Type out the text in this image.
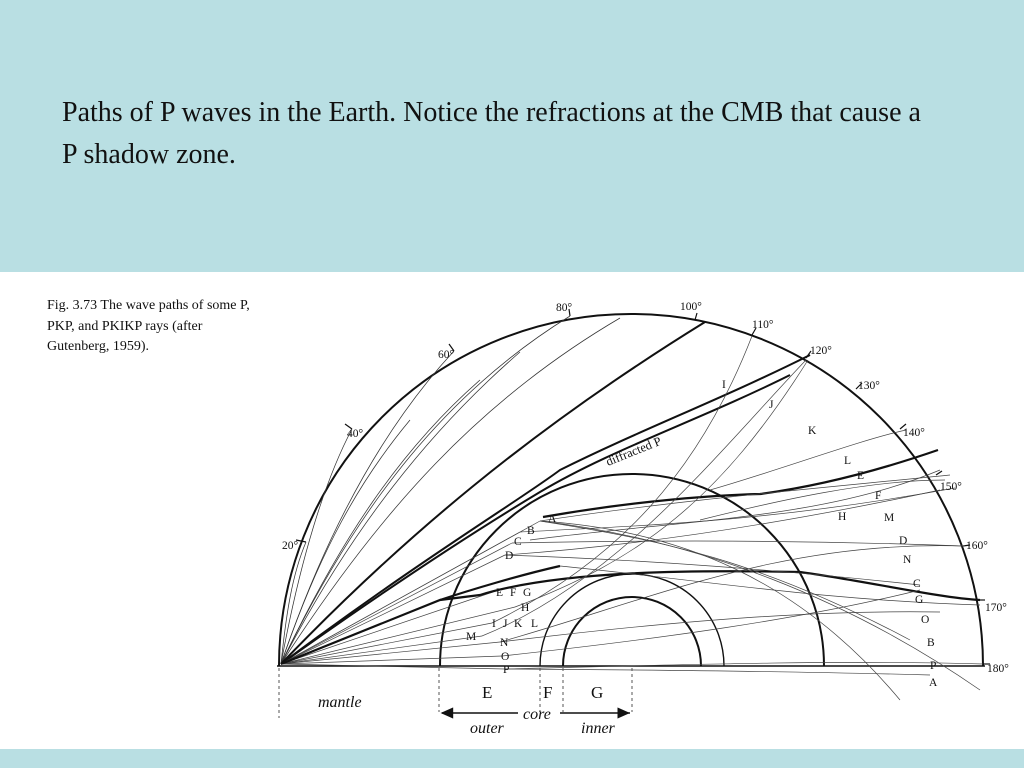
Paths of P waves in the Earth. Notice the refractions at the CMB that cause a P shadow zone.
Fig. 3.73 The wave paths of some P, PKP, and PKIKP rays (after Gutenberg, 1959).
20°
40°
60°
80°	100°
110°
120°
130°
140°
150°
160°
170°
180°
diffracted P
I
J
K
L
E
F
H	M
D
N
C
G
O
B
P
A
A
B
C
D
E F G
H
I J K L
M N
O
P
E	F G
mantle
core
outer	inner
